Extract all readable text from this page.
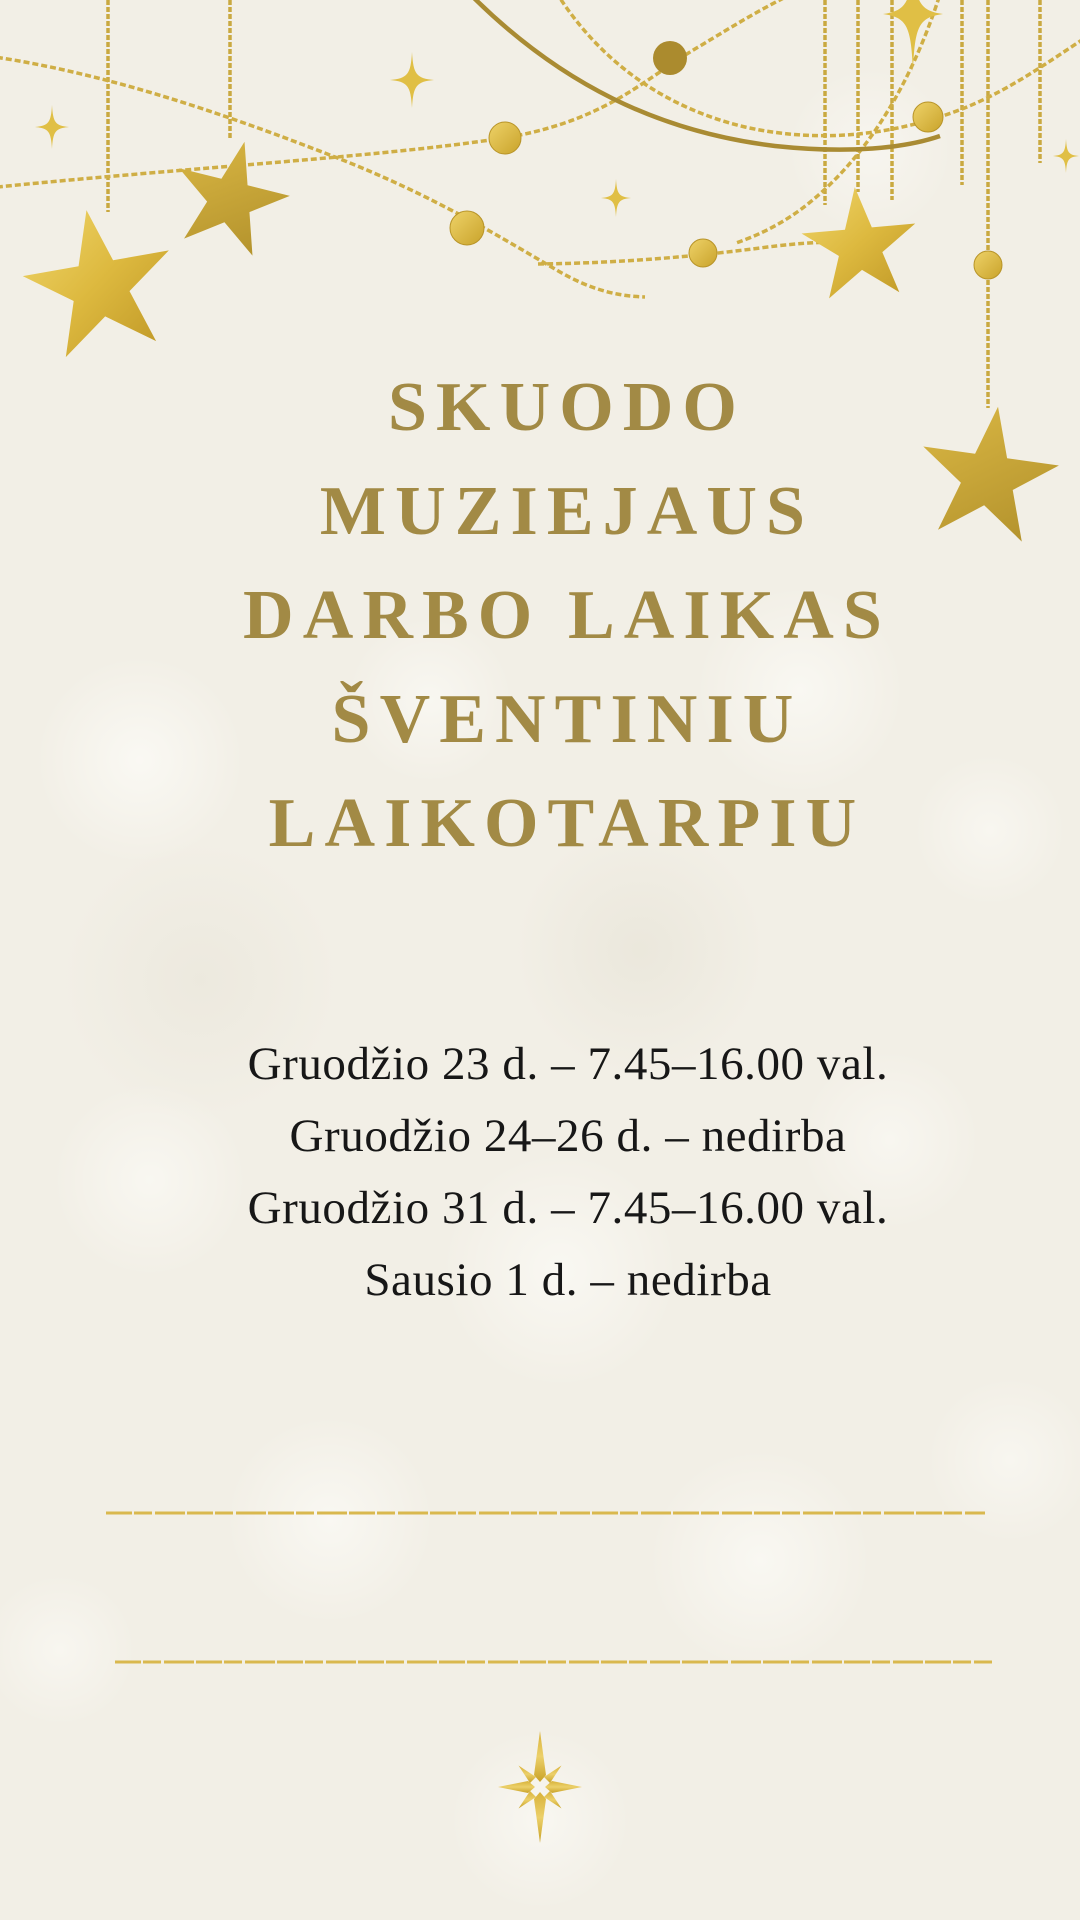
SKUODO
MUZIEJAUS
DARBO LAIKAS
ŠVENTINIU
LAIKOTARPIU
Gruodžio 23 d. – 7.45–16.00 val.
Gruodžio 24–26 d. – nedirba
Gruodžio 31 d. – 7.45–16.00 val.
Sausio 1 d. – nedirba
